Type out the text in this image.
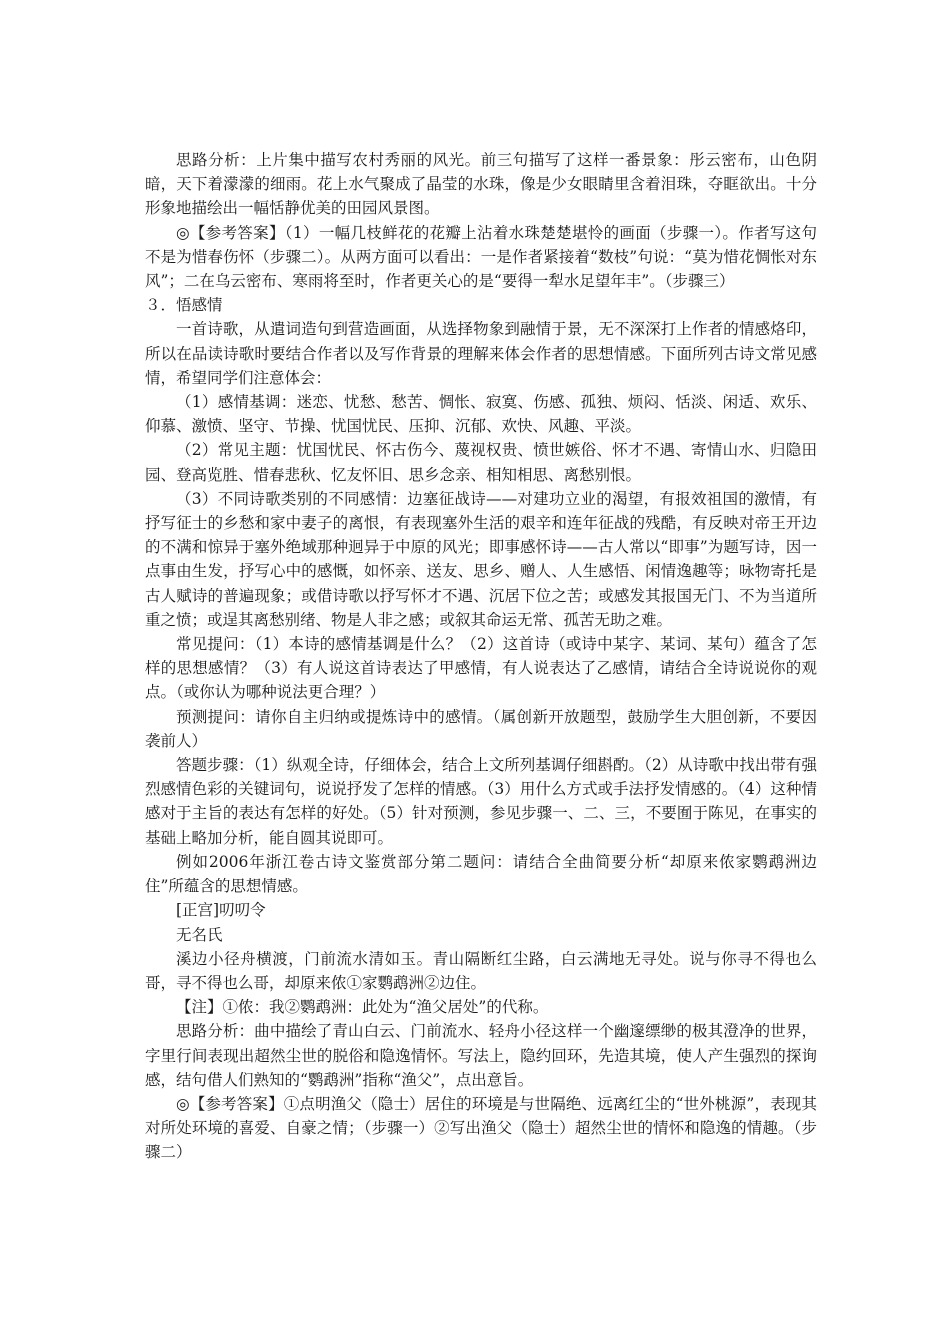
思路分析：上片集中描写农村秀丽的风光。前三句描写了这样一番景象：彤云密布，山色阴暗，天下着濛濛的细雨。花上水气聚成了晶莹的水珠，像是少女眼睛里含着泪珠，夺眶欲出。十分形象地描绘出一幅恬静优美的田园风景图。

◎【参考答案】（1）一幅几枝鲜花的花瓣上沾着水珠楚楚堪怜的画面（步骤一）。作者写这句不是为惜春伤怀（步骤二）。从两方面可以看出：一是作者紧接着“数枝”句说：“莫为惜花惆怅对东风”；二在乌云密布、寒雨将至时，作者更关心的是“要得一犁水足望年丰”。（步骤三）

３．悟感情

一首诗歌，从遣词造句到营造画面，从选择物象到融情于景，无不深深打上作者的情感烙印，所以在品读诗歌时要结合作者以及写作背景的理解来体会作者的思想情感。下面所列古诗文常见感情，希望同学们注意体会：

（1）感情基调：迷恋、忧愁、愁苦、惆怅、寂寞、伤感、孤独、烦闷、恬淡、闲适、欢乐、仰慕、激愤、坚守、节操、忧国忧民、压抑、沉郁、欢快、风趣、平淡。

（2）常见主题：忧国忧民、怀古伤今、蔑视权贵、愤世嫉俗、怀才不遇、寄情山水、归隐田园、登高览胜、惜春悲秋、忆友怀旧、思乡念亲、相知相思、离愁别恨。

（3）不同诗歌类别的不同感情：边塞征战诗——对建功立业的渴望，有报效祖国的激情，有抒写征士的乡愁和家中妻子的离恨，有表现塞外生活的艰辛和连年征战的残酷，有反映对帝王开边的不满和惊异于塞外绝域那种迥异于中原的风光；即事感怀诗——古人常以“即事”为题写诗，因一点事由生发，抒写心中的感慨，如怀亲、送友、思乡、赠人、人生感悟、闲情逸趣等；咏物寄托是古人赋诗的普遍现象；或借诗歌以抒写怀才不遇、沉居下位之苦；或感发其报国无门、不为当道所重之愤；或逞其离愁别绪、物是人非之感；或叙其命运无常、孤苦无助之难。

常见提问：（1）本诗的感情基调是什么？（2）这首诗（或诗中某字、某词、某句）蕴含了怎样的思想感情？（3）有人说这首诗表达了甲感情，有人说表达了乙感情，请结合全诗说说你的观点。（或你认为哪种说法更合理？）

预测提问：请你自主归纳或提炼诗中的感情。（属创新开放题型，鼓励学生大胆创新，不要因袭前人）

答题步骤：（1）纵观全诗，仔细体会，结合上文所列基调仔细斟酌。（2）从诗歌中找出带有强烈感情色彩的关键词句，说说抒发了怎样的情感。（3）用什么方式或手法抒发情感的。（4）这种情感对于主旨的表达有怎样的好处。（5）针对预测，参见步骤一、二、三，不要囿于陈见，在事实的基础上略加分析，能自圆其说即可。

例如2006年浙江卷古诗文鉴赏部分第二题问：请结合全曲简要分析“却原来侬家鹦鹉洲边住”所蕴含的思想情感。

[正宫]叨叨令

无名氏

溪边小径舟横渡，门前流水清如玉。青山隔断红尘路，白云满地无寻处。说与你寻不得也么哥，寻不得也么哥，却原来侬①家鹦鹉洲②边住。

【注】①侬：我②鹦鹉洲：此处为“渔父居处”的代称。

思路分析：曲中描绘了青山白云、门前流水、轻舟小径这样一个幽邃缥缈的极其澄净的世界，字里行间表现出超然尘世的脱俗和隐逸情怀。写法上，隐约回环，先造其境，使人产生强烈的探询感，结句借人们熟知的“鹦鹉洲”指称“渔父”，点出意旨。

◎【参考答案】①点明渔父（隐士）居住的环境是与世隔绝、远离红尘的“世外桃源”，表现其对所处环境的喜爱、自豪之情；（步骤一）②写出渔父（隐士）超然尘世的情怀和隐逸的情趣。（步骤二）
